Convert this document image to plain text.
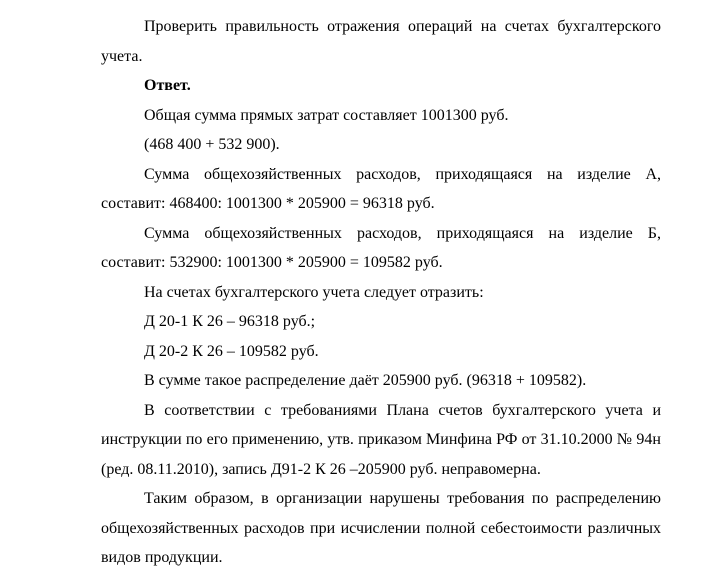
Проверить правильность отражения операций на счетах бухгалтерского учета.

Ответ.

Общая сумма прямых затрат составляет 1001300 руб.

(468 400 + 532 900).

Сумма общехозяйственных расходов, приходящаяся на изделие А, составит: 468400: 1001300 * 205900 = 96318 руб.

Сумма общехозяйственных расходов, приходящаяся на изделие Б, составит: 532900: 1001300 * 205900 = 109582 руб.

На счетах бухгалтерского учета следует отразить:

Д 20-1 К 26 – 96318 руб.;

Д 20-2 К 26 – 109582 руб.

В сумме такое распределение даёт 205900 руб. (96318 + 109582).

В соответствии с требованиями Плана счетов бухгалтерского учета и инструкции по его применению, утв. приказом Минфина РФ от 31.10.2000 № 94н (ред. 08.11.2010), запись Д91-2 К 26 –205900 руб. неправомерна.

Таким образом, в организации нарушены требования по распределению общехозяйственных расходов при исчислении полной себестоимости различных видов продукции.
